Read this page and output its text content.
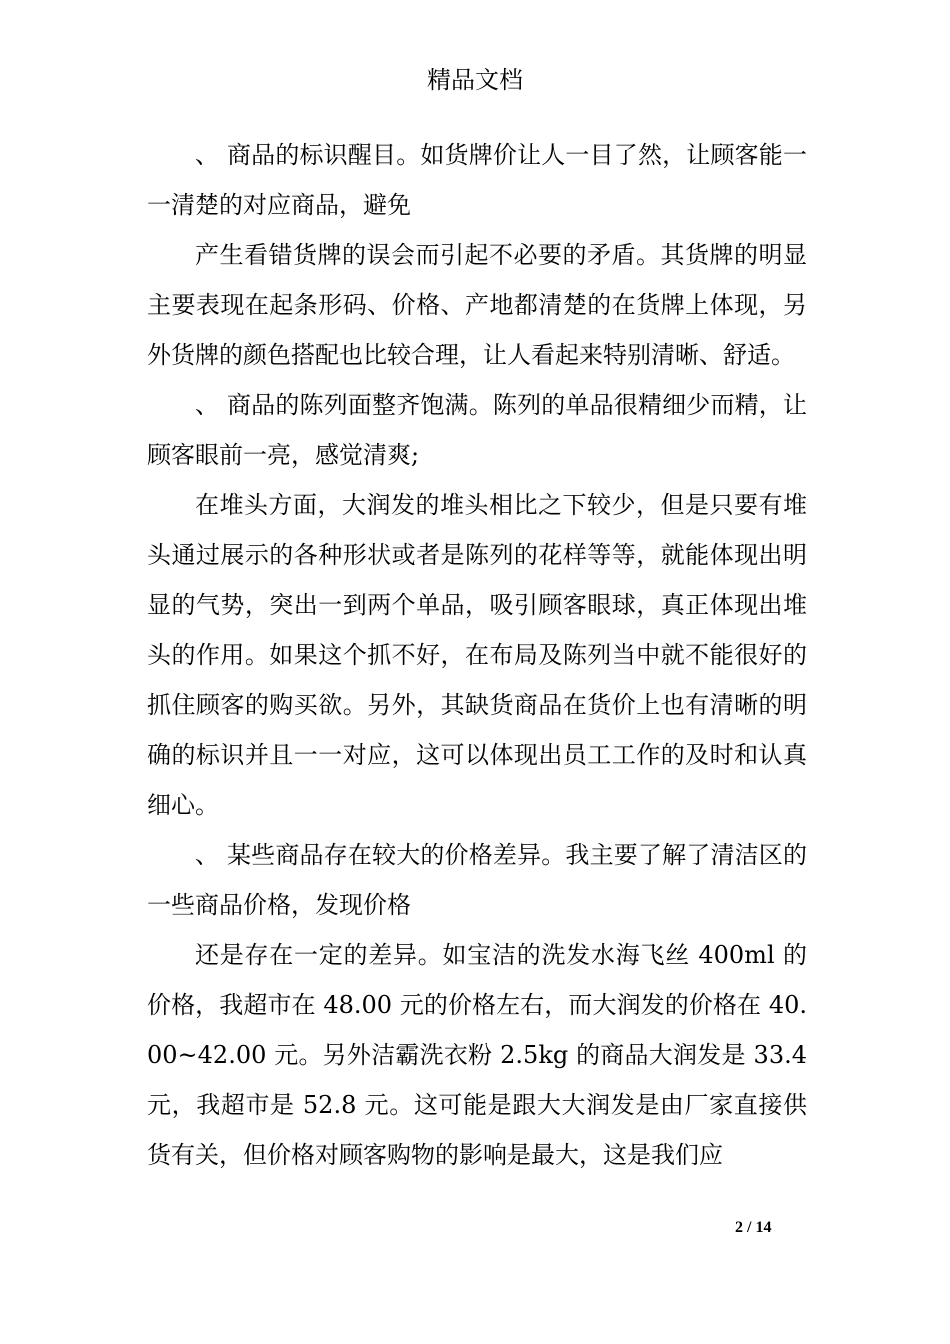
精品文档

、 商品的标识醒目。如货牌价让人一目了然，让顾客能一一清楚的对应商品，避免

产生看错货牌的误会而引起不必要的矛盾。其货牌的明显主要表现在起条形码、价格、产地都清楚的在货牌上体现，另外货牌的颜色搭配也比较合理，让人看起来特别清晰、舒适。

、 商品的陈列面整齐饱满。陈列的单品很精细少而精，让顾客眼前一亮，感觉清爽;

在堆头方面，大润发的堆头相比之下较少，但是只要有堆头通过展示的各种形状或者是陈列的花样等等，就能体现出明显的气势，突出一到两个单品，吸引顾客眼球，真正体现出堆头的作用。如果这个抓不好，在布局及陈列当中就不能很好的抓住顾客的购买欲。另外，其缺货商品在货价上也有清晰的明确的标识并且一一对应，这可以体现出员工工作的及时和认真细心。

、 某些商品存在较大的价格差异。我主要了解了清洁区的一些商品价格，发现价格

还是存在一定的差异。如宝洁的洗发水海飞丝 400ml 的价格，我超市在 48.00 元的价格左右，而大润发的价格在 40.00~42.00 元。另外洁霸洗衣粉 2.5kg 的商品大润发是 33.4 元，我超市是 52.8 元。这可能是跟大大润发是由厂家直接供货有关，但价格对顾客购物的影响是最大，这是我们应

2 / 14
